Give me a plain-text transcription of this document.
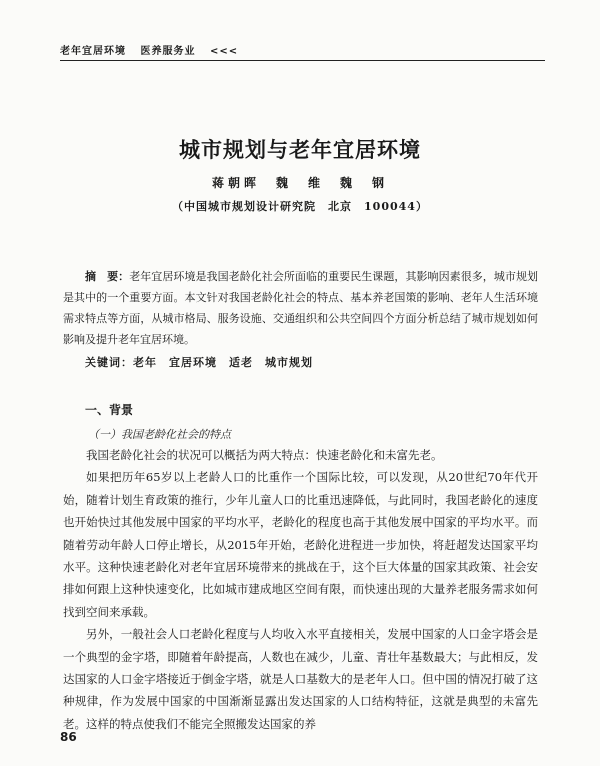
老年宜居环境 医养服务业 <<<
城市规划与老年宜居环境
蒋朝晖　魏　维　魏　钢
（中国城市规划设计研究院　北京　100044）
摘　要：老年宜居环境是我国老龄化社会所面临的重要民生课题，其影响因素很多，城市规划是其中的一个重要方面。本文针对我国老龄化社会的特点、基本养老国策的影响、老年人生活环境需求特点等方面，从城市格局、服务设施、交通组织和公共空间四个方面分析总结了城市规划如何影响及提升老年宜居环境。
关键词：老年　宜居环境　适老　城市规划
一、背景
（一）我国老龄化社会的特点

我国老龄化社会的状况可以概括为两大特点：快速老龄化和未富先老。

如果把历年65岁以上老龄人口的比重作一个国际比较，可以发现，从20世纪70年代开始，随着计划生育政策的推行，少年儿童人口的比重迅速降低，与此同时，我国老龄化的速度也开始快过其他发展中国家的平均水平，老龄化的程度也高于其他发展中国家的平均水平。而随着劳动年龄人口停止增长，从2015年开始，老龄化进程进一步加快，将赶超发达国家平均水平。这种快速老龄化对老年宜居环境带来的挑战在于，这个巨大体量的国家其政策、社会安排如何跟上这种快速变化，比如城市建成地区空间有限，而快速出现的大量养老服务需求如何找到空间来承载。

另外，一般社会人口老龄化程度与人均收入水平直接相关，发展中国家的人口金字塔会是一个典型的金字塔，即随着年龄提高，人数也在减少，儿童、青壮年基数最大；与此相反，发达国家的人口金字塔接近于倒金字塔，就是人口基数大的是老年人口。但中国的情况打破了这种规律，作为发展中国家的中国渐渐显露出发达国家的人口结构特征，这就是典型的未富先老。这样的特点使我们不能完全照搬发达国家的养

86
